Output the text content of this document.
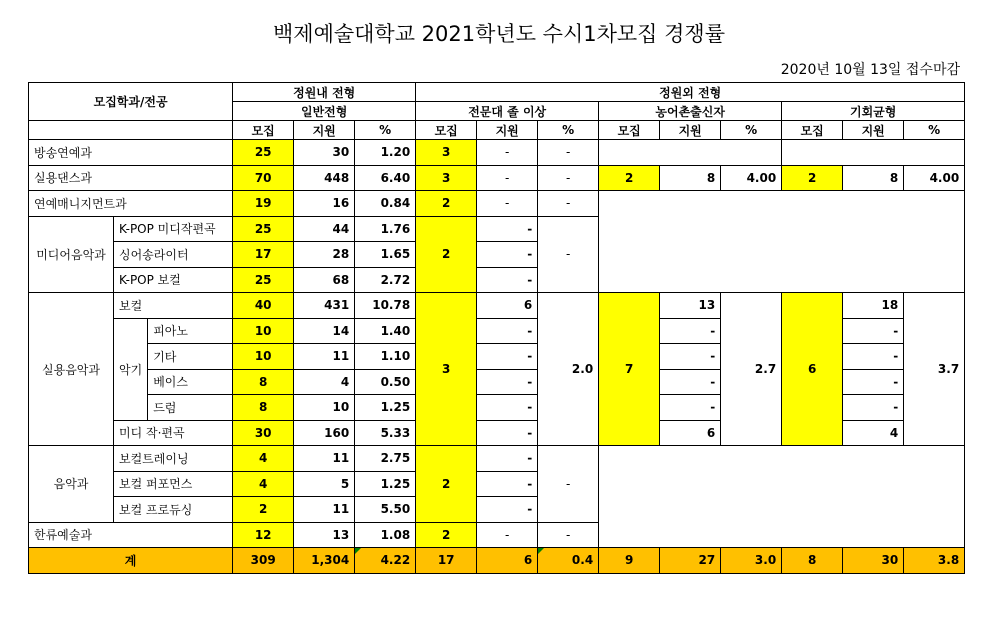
백제예술대학교 2021학년도 수시1차모집 경쟁률
2020년 10월 13일 접수마감
모집학과/전공			정원내 전형			정원외 전형								
			일반전형			전문대 졸 이상			농어촌출신자			기회균형		
			모집	지원	%	모집	지원	%	모집	지원	%	모집	지원	%
방송연예과			25	30	1.20	3	-	-						
실용댄스과			70	448	6.40	3	-	-	2	8	4.00	2	8	4.00
연예매니지먼트과			19	16	0.84	2	-	-						
미디어음악과	K-POP 미디작편곡		25	44	1.76	2	-	-						
	싱어송라이터		17	28	1.65		-							
	K-POP 보컬		25	68	2.72		-							
실용음악과	보컬		40	431	10.78	3	6	2.0	7	13	2.7	6	18	3.7
	악기	피아노	10	14	1.40		-			-			-	
		기타	10	11	1.10		-			-			-	
		베이스	8	4	0.50		-			-			-	
		드럼	8	10	1.25		-			-			-	
	미디 작·편곡		30	160	5.33		-			6			4	
음악과	보컬트레이닝		4	11	2.75	2	-	-						
	보컬 퍼포먼스		4	5	1.25		-							
	보컬 프로듀싱		2	11	5.50		-							
한류예술과			12	13	1.08	2	-	-						
계			309	1,304	4.22	17	6	0.4	9	27	3.0	8	30	3.8
